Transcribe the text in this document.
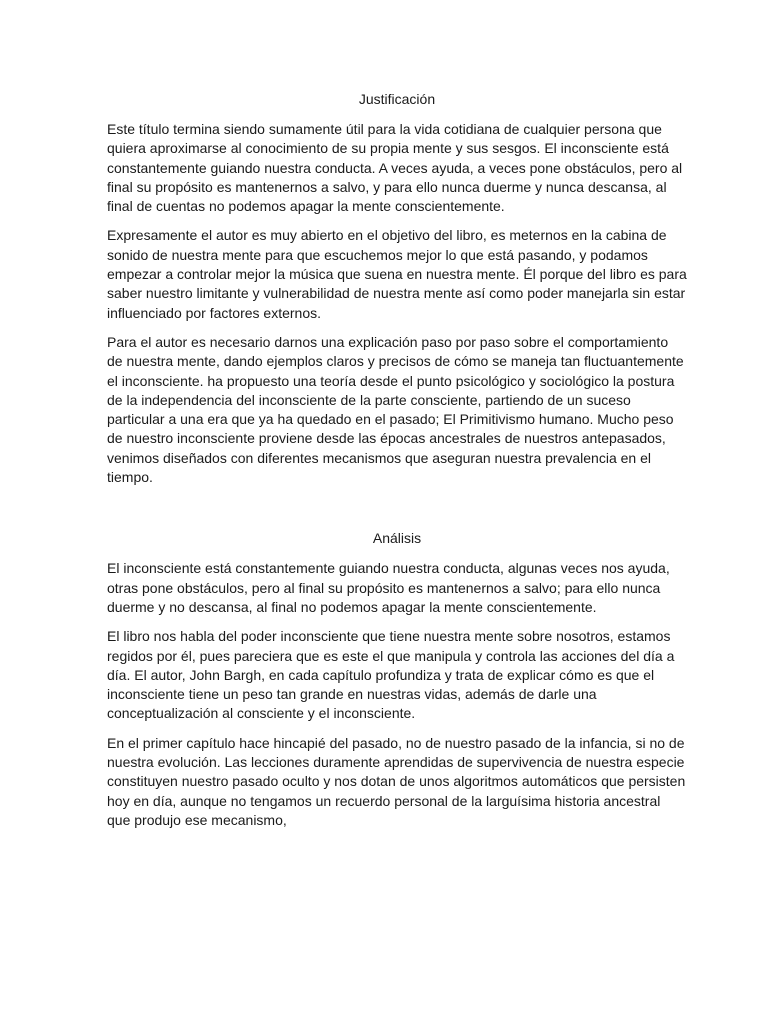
Justificación

Este título termina siendo sumamente útil para la vida cotidiana de cualquier persona que quiera aproximarse al conocimiento de su propia mente y sus sesgos. El inconsciente está constantemente guiando nuestra conducta. A veces ayuda, a veces pone obstáculos, pero al final su propósito es mantenernos a salvo, y para ello nunca duerme y nunca descansa, al final de cuentas no podemos apagar la mente conscientemente.

Expresamente el autor es muy abierto en el objetivo del libro, es meternos en la cabina de sonido de nuestra mente para que escuchemos mejor lo que está pasando, y podamos empezar a controlar mejor la música que suena en nuestra mente. Él porque del libro es para saber nuestro limitante y vulnerabilidad de nuestra mente así como poder manejarla sin estar influenciado por factores externos.

Para el autor es necesario darnos una explicación paso por paso sobre el comportamiento de nuestra mente, dando ejemplos claros y precisos de cómo se maneja tan fluctuantemente el inconsciente. ha propuesto una teoría desde el punto psicológico y sociológico la postura de la independencia del inconsciente de la parte consciente, partiendo de un suceso particular a una era que ya ha quedado en el pasado; El Primitivismo humano. Mucho peso de nuestro inconsciente proviene desde las épocas ancestrales de nuestros antepasados, venimos diseñados con diferentes mecanismos que aseguran nuestra prevalencia en el tiempo.

Análisis

El inconsciente está constantemente guiando nuestra conducta, algunas veces nos ayuda, otras pone obstáculos, pero al final su propósito es mantenernos a salvo; para ello nunca duerme y no descansa, al final no podemos apagar la mente conscientemente.

El libro nos habla del poder inconsciente que tiene nuestra mente sobre nosotros, estamos regidos por él, pues pareciera que es este el que manipula y controla las acciones del día a día. El autor, John Bargh, en cada capítulo profundiza y trata de explicar cómo es que el inconsciente tiene un peso tan grande en nuestras vidas, además de darle una conceptualización al consciente y el inconsciente.

En el primer capítulo hace hincapié del pasado, no de nuestro pasado de la infancia, si no de nuestra evolución. Las lecciones duramente aprendidas de supervivencia de nuestra especie constituyen nuestro pasado oculto y nos dotan de unos algoritmos automáticos que persisten hoy en día, aunque no tengamos un recuerdo personal de la larguísima historia ancestral que produjo ese mecanismo,
